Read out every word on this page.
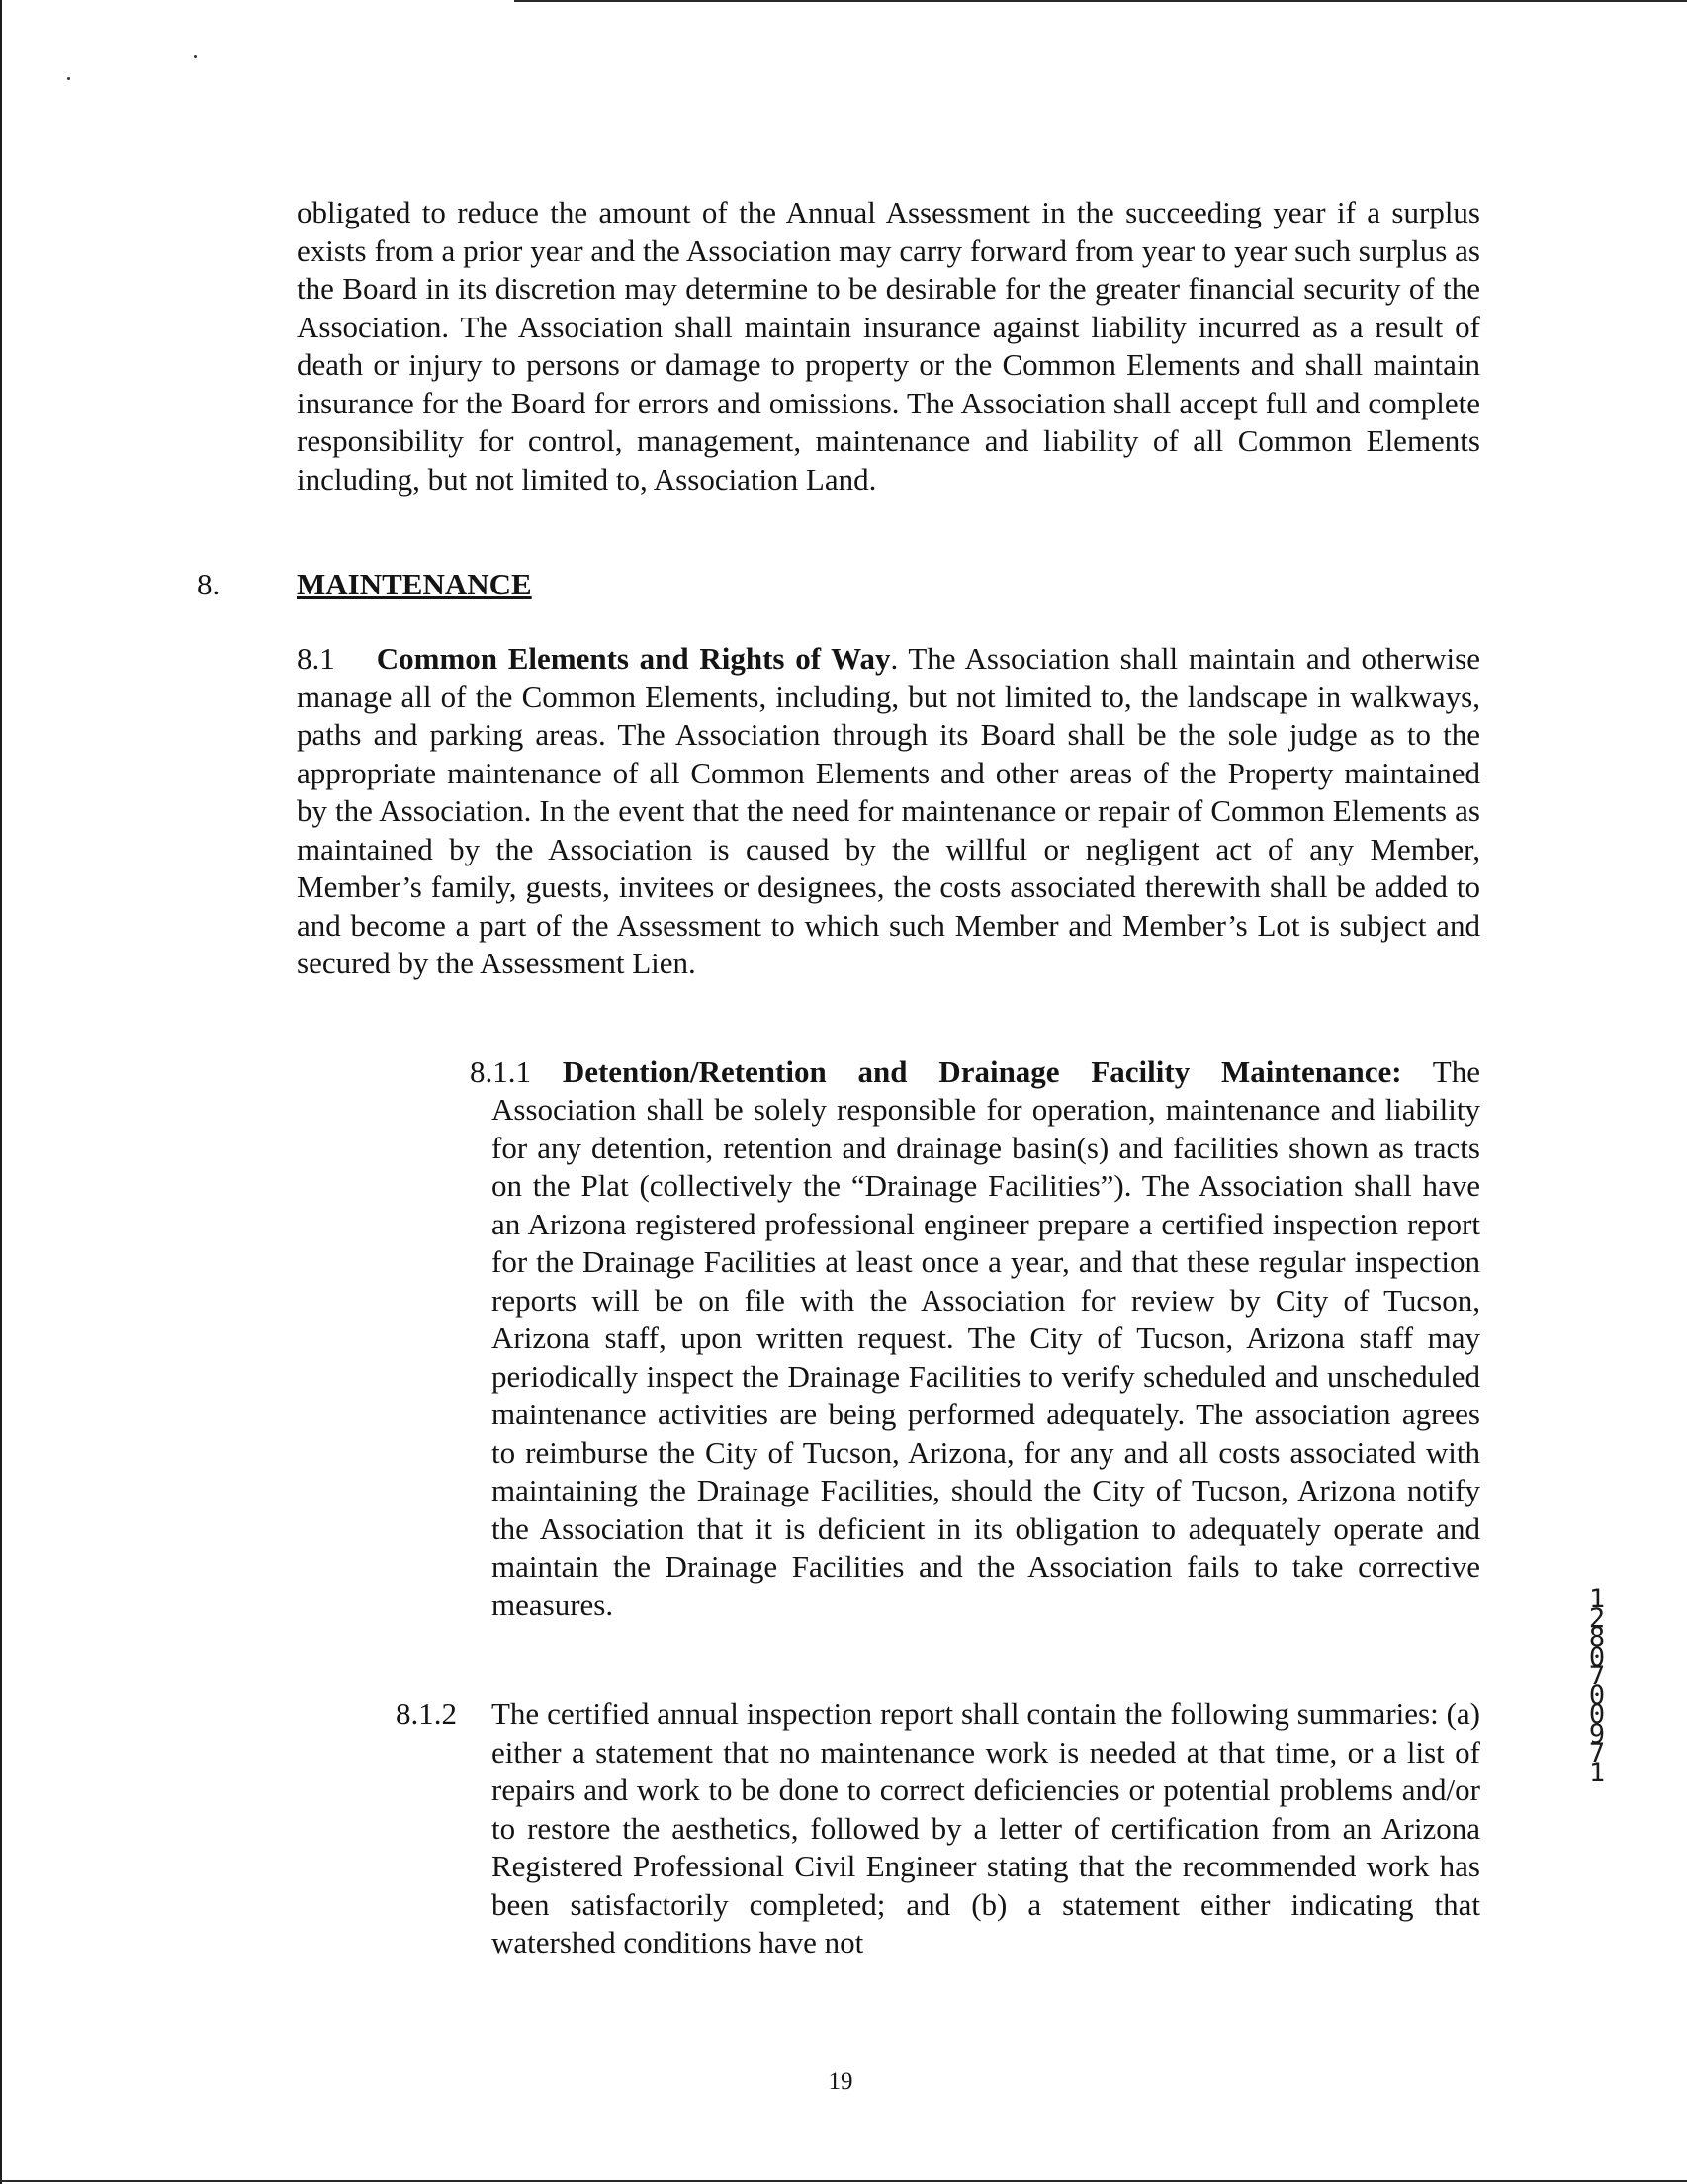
obligated to reduce the amount of the Annual Assessment in the succeeding year if a surplus exists from a prior year and the Association may carry forward from year to year such surplus as the Board in its discretion may determine to be desirable for the greater financial security of the Association. The Association shall maintain insurance against liability incurred as a result of death or injury to persons or damage to property or the Common Elements and shall maintain insurance for the Board for errors and omissions. The Association shall accept full and complete responsibility for control, management, maintenance and liability of all Common Elements including, but not limited to, Association Land.

8.	MAINTENANCE

8.1 Common Elements and Rights of Way. The Association shall maintain and otherwise manage all of the Common Elements, including, but not limited to, the landscape in walkways, paths and parking areas. The Association through its Board shall be the sole judge as to the appropriate maintenance of all Common Elements and other areas of the Property maintained by the Association. In the event that the need for maintenance or repair of Common Elements as maintained by the Association is caused by the willful or negligent act of any Member, Member’s family, guests, invitees or designees, the costs associated therewith shall be added to and become a part of the Assessment to which such Member and Member’s Lot is subject and secured by the Assessment Lien.

8.1.1 Detention/Retention and Drainage Facility Maintenance: The

Association shall be solely responsible for operation, maintenance and liability for any detention, retention and drainage basin(s) and facilities shown as tracts on the Plat (collectively the “Drainage Facilities”). The Association shall have an Arizona registered professional engineer prepare a certified inspection report for the Drainage Facilities at least once a year, and that these regular inspection reports will be on file with the Association for review by City of Tucson, Arizona staff, upon written request. The City of Tucson, Arizona staff may periodically inspect the Drainage Facilities to verify scheduled and unscheduled maintenance activities are being performed adequately. The association agrees to reimburse the City of Tucson, Arizona, for any and all costs associated with maintaining the Drainage Facilities, should the City of Tucson, Arizona notify the Association that it is deficient in its obligation to adequately operate and maintain the Drainage Facilities and the Association fails to take corrective measures.

8.1.2 The certified annual inspection report shall contain the following summaries: (a) either a statement that no maintenance work is needed at that time, or a list of repairs and work to be done to correct deficiencies or potential problems and/or to restore the aesthetics, followed by a letter of certification from an Arizona Registered Professional Civil Engineer stating that the recommended work has been satisfactorily completed; and (b) a statement either indicating that watershed conditions have not

19
12807 00971
